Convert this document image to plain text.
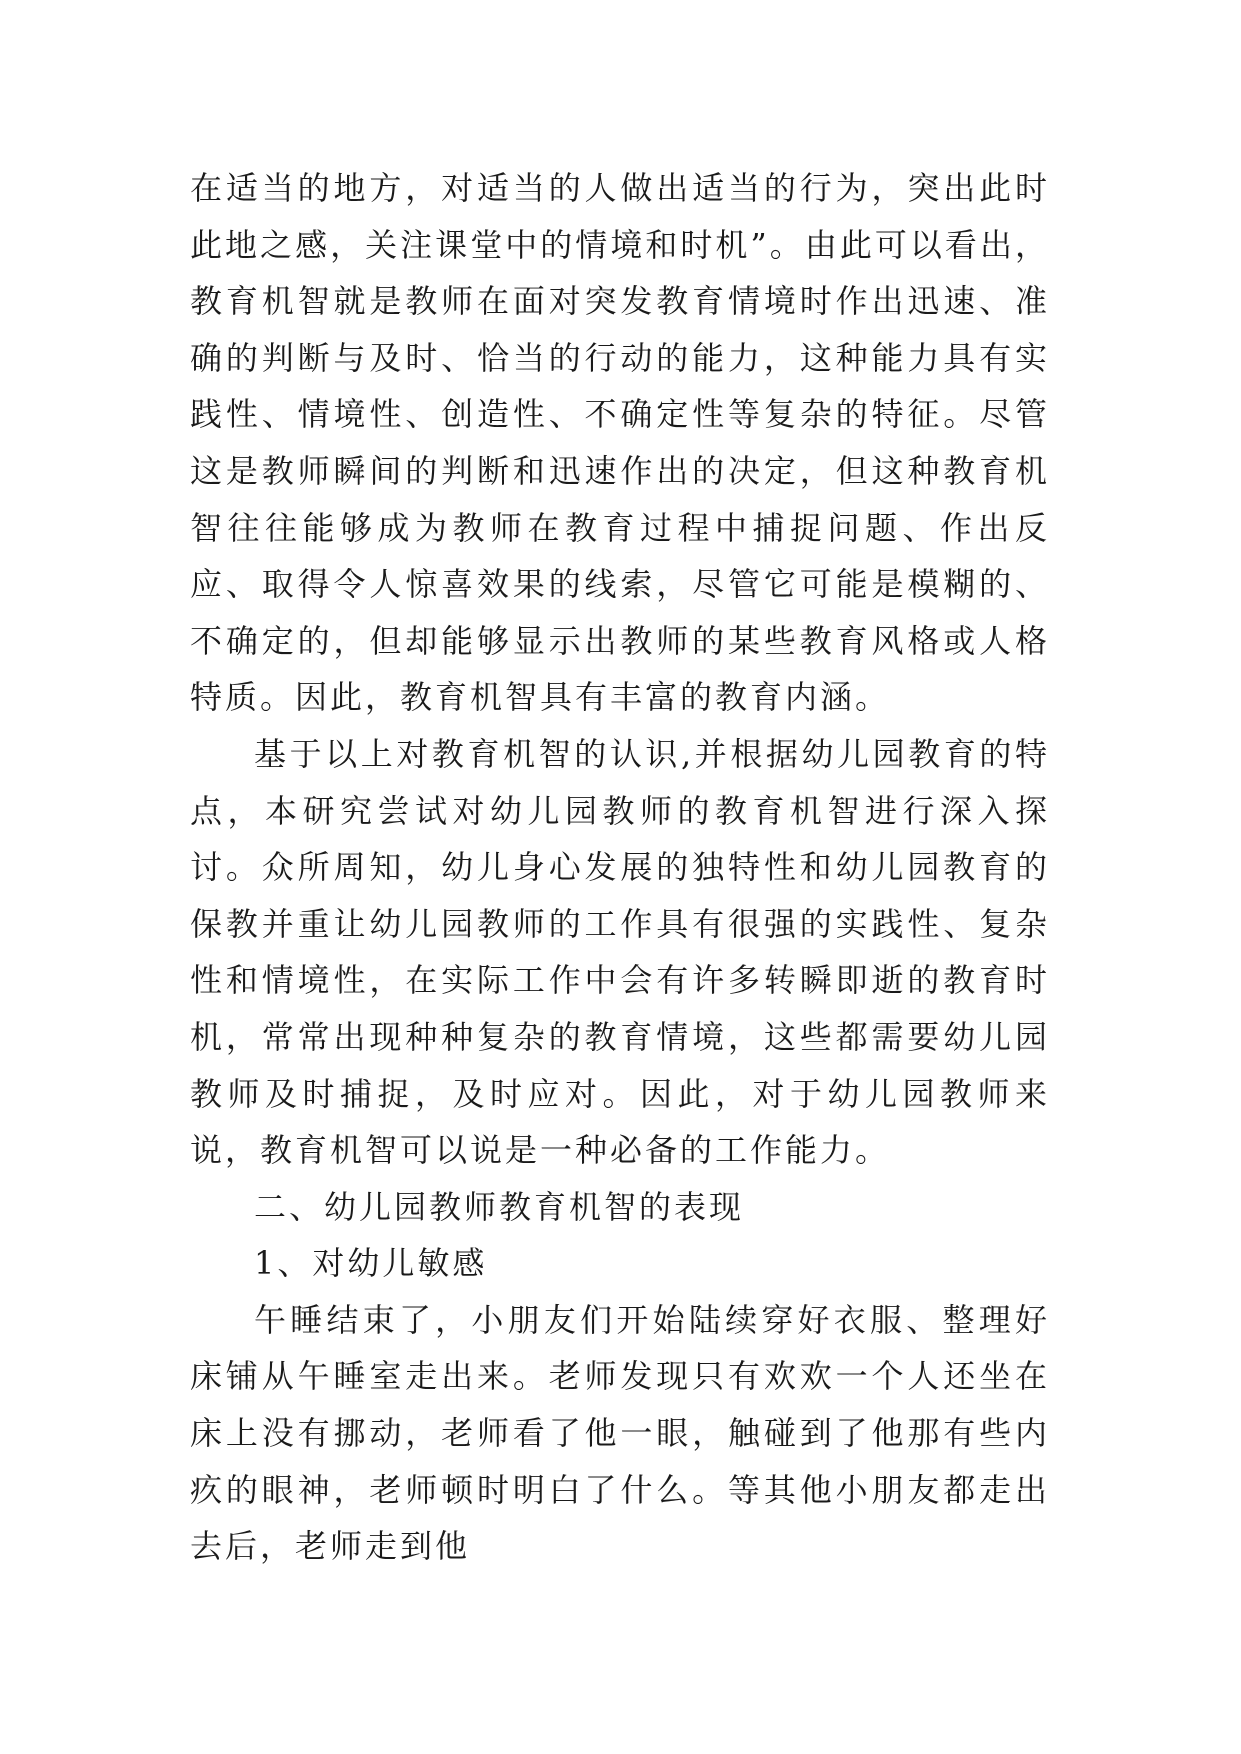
在适当的地方，对适当的人做出适当的行为，突出此时此地之感，关注课堂中的情境和时机”。由此可以看出，教育机智就是教师在面对突发教育情境时作出迅速、准确的判断与及时、恰当的行动的能力，这种能力具有实践性、情境性、创造性、不确定性等复杂的特征。尽管这是教师瞬间的判断和迅速作出的决定，但这种教育机智往往能够成为教师在教育过程中捕捉问题、作出反应、取得令人惊喜效果的线索，尽管它可能是模糊的、不确定的，但却能够显示出教师的某些教育风格或人格特质。因此，教育机智具有丰富的教育内涵。

基于以上对教育机智的认识,并根据幼儿园教育的特点，本研究尝试对幼儿园教师的教育机智进行深入探讨。众所周知，幼儿身心发展的独特性和幼儿园教育的保教并重让幼儿园教师的工作具有很强的实践性、复杂性和情境性，在实际工作中会有许多转瞬即逝的教育时机，常常出现种种复杂的教育情境，这些都需要幼儿园教师及时捕捉，及时应对。因此，对于幼儿园教师来说，教育机智可以说是一种必备的工作能力。

二、幼儿园教师教育机智的表现

1、对幼儿敏感

午睡结束了，小朋友们开始陆续穿好衣服、整理好床铺从午睡室走出来。老师发现只有欢欢一个人还坐在床上没有挪动，老师看了他一眼，触碰到了他那有些内疚的眼神，老师顿时明白了什么。等其他小朋友都走出去后，老师走到他
